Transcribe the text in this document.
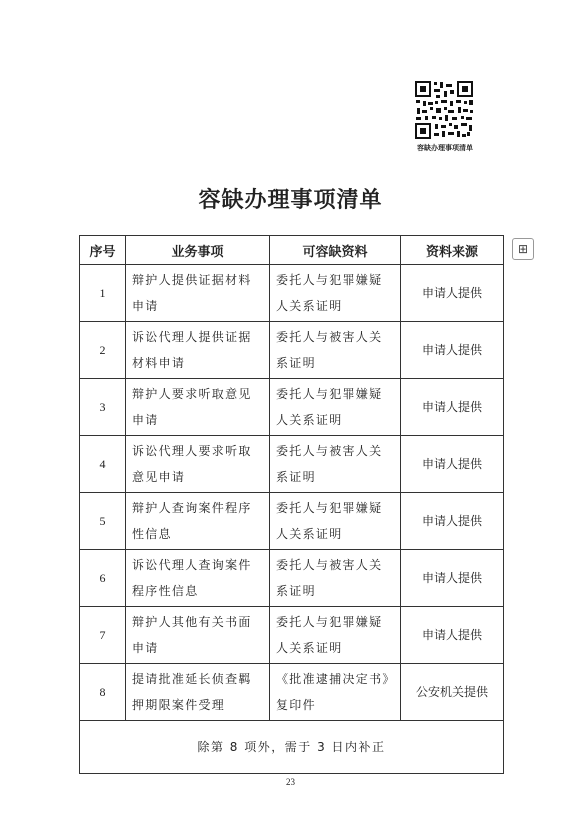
容缺办理事项清单
容缺办理事项清单
⊞
序号	业务事项	可容缺资料	资料来源
1	辩护人提供证据材料申请	委托人与犯罪嫌疑人关系证明	申请人提供
2	诉讼代理人提供证据材料申请	委托人与被害人关系证明	申请人提供
3	辩护人要求听取意见申请	委托人与犯罪嫌疑人关系证明	申请人提供
4	诉讼代理人要求听取意见申请	委托人与被害人关系证明	申请人提供
5	辩护人查询案件程序性信息	委托人与犯罪嫌疑人关系证明	申请人提供
6	诉讼代理人查询案件程序性信息	委托人与被害人关系证明	申请人提供
7	辩护人其他有关书面申请	委托人与犯罪嫌疑人关系证明	申请人提供
8	提请批准延长侦查羁押期限案件受理	《批准逮捕决定书》复印件	公安机关提供
除第 8 项外，需于 3 日内补正			
23
